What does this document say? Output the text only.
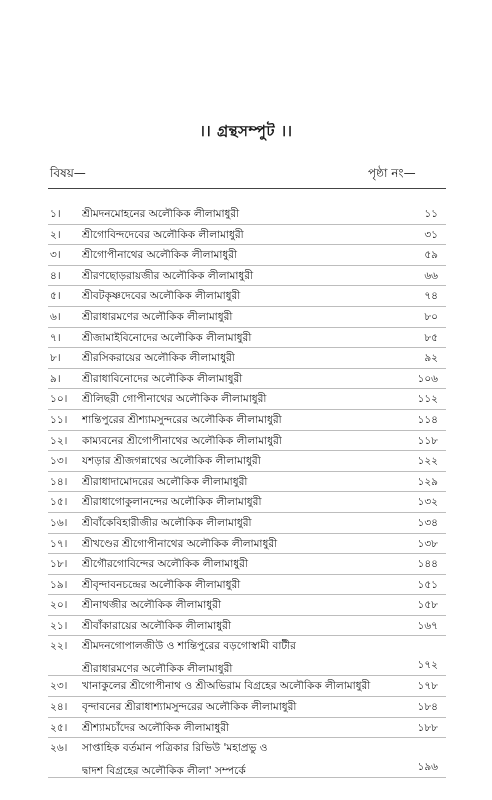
।। গ্রন্থসম্পুট ।।
বিষয়—	পৃষ্ঠা নং—
১।	শ্রীমদনমোহনের অলৌকিক লীলামাধুরী	১১
২।	শ্রীগোবিন্দদেবের অলৌকিক লীলামাধুরী	৩১
৩।	শ্রীগোপীনাথের অলৌকিক লীলামাধুরী	৫৯
৪।	শ্রীরণছোড়রায়জীর অলৌকিক লীলামাধুরী	৬৬
৫।	শ্রীবটকৃষ্ণদেবের অলৌকিক লীলামাধুরী	৭৪
৬।	শ্রীরাধারমণের অলৌকিক লীলামাধুরী	৮০
৭।	শ্রীজামাইবিনোদের অলৌকিক লীলামাধুরী	৮৫
৮।	শ্রীরসিকরায়ের অলৌকিক লীলামাধুরী	৯২
৯।	শ্রীরাধাবিনোদের অলৌকিক লীলামাধুরী	১০৬
১০।	শ্রীলিছরী গোপীনাথের অলৌকিক লীলামাধুরী	১১২
১১।	শান্তিপুরের শ্রীশ্যামসুন্দরের অলৌকিক লীলামাধুরী	১১৪
১২।	কাম্যবনের শ্রীগোপীনাথের অলৌকিক লীলামাধুরী	১১৮
১৩।	যশড়ার শ্রীজগন্নাথের অলৌকিক লীলামাধুরী	১২২
১৪।	শ্রীরাধাদামোদরের অলৌকিক লীলামাধুরী	১২৯
১৫।	শ্রীরাধাগোকুলানন্দের অলৌকিক লীলামাধুরী	১৩২
১৬।	শ্রীবাঁকেবিহারীজীর অলৌকিক লীলামাধুরী	১৩৪
১৭।	শ্রীখণ্ডের শ্রীগোপীনাথের অলৌকিক লীলামাধুরী	১৩৮
১৮।	শ্রীগৌরগোবিন্দের অলৌকিক লীলামাধুরী	১৪৪
১৯।	শ্রীবৃন্দাবনচন্দ্রের অলৌকিক লীলামাধুরী	১৫১
২০।	শ্রীনাথজীর অলৌকিক লীলামাধুরী	১৫৮
২১।	শ্রীবাঁকারায়ের অলৌকিক লীলামাধুরী	১৬৭
২২।	শ্রীমদনগোপালজীউ ও শান্তিপুরের বড়গোস্বামী বাটীর
শ্রীরাধারমণের অলৌকিক লীলামাধুরী	১৭২
২৩।	খানাকুলের শ্রীগোপীনাথ ও শ্রীঅভিরাম বিগ্রহের অলৌকিক লীলামাধুরী	১৭৮
২৪।	বৃন্দাবনের শ্রীরাধাশ্যামসুন্দরের অলৌকিক লীলামাধুরী	১৮৪
২৫।	শ্রীশ্যামচাঁদের অলৌকিক লীলামাধুরী	১৮৮
২৬।	সাপ্তাহিক বর্তমান পত্রিকার রিভিউ 'মহাপ্রভু ও
দ্বাদশ বিগ্রহের অলৌকিক লীলা' সম্পর্কে	১৯৬
